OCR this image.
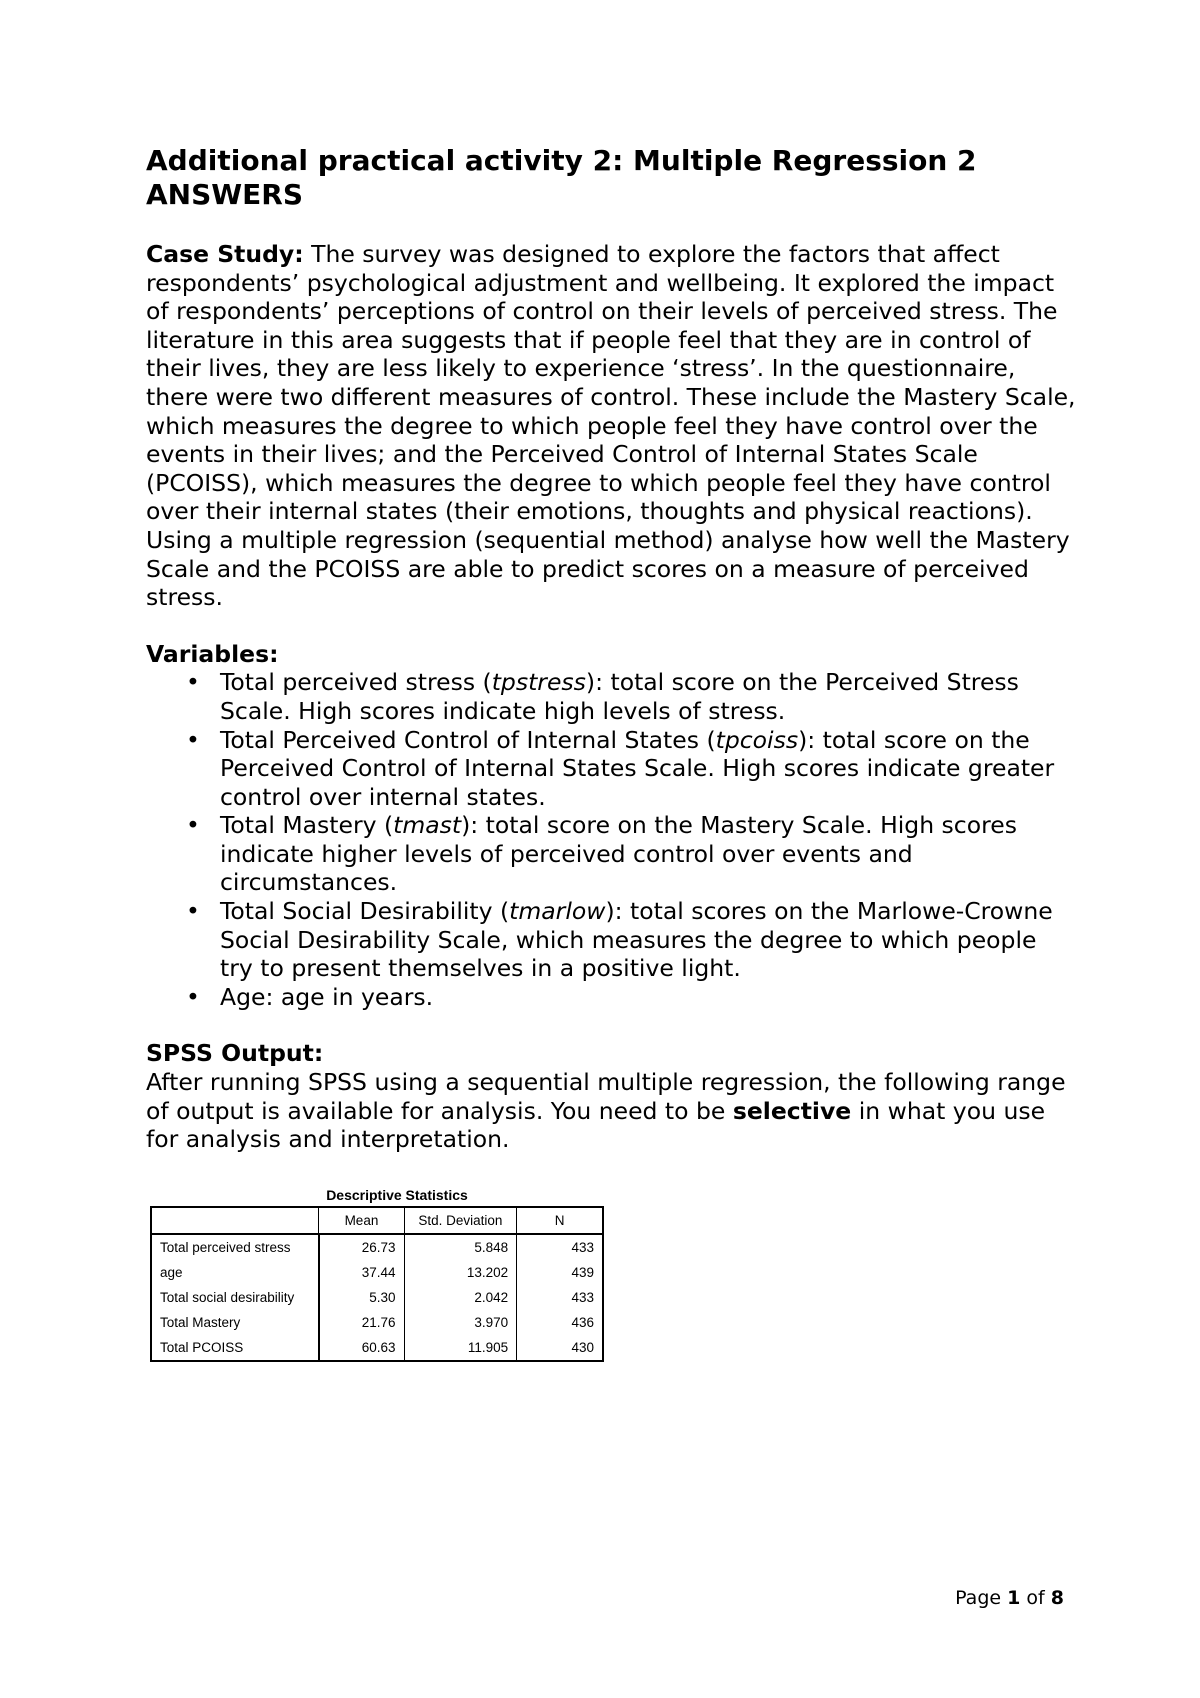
Additional practical activity 2: Multiple Regression 2
ANSWERS

Case Study: The survey was designed to explore the factors that affect respondents’ psychological adjustment and wellbeing. It explored the impact of respondents’ perceptions of control on their levels of perceived stress. The literature in this area suggests that if people feel that they are in control of their lives, they are less likely to experience ‘stress’. In the questionnaire, there were two different measures of control. These include the Mastery Scale, which measures the degree to which people feel they have control over the events in their lives; and the Perceived Control of Internal States Scale (PCOISS), which measures the degree to which people feel they have control over their internal states (their emotions, thoughts and physical reactions). Using a multiple regression (sequential method) analyse how well the Mastery Scale and the PCOISS are able to predict scores on a measure of perceived stress.

Variables:
• Total perceived stress (tpstress): total score on the Perceived Stress Scale. High scores indicate high levels of stress.
• Total Perceived Control of Internal States (tpcoiss): total score on the Perceived Control of Internal States Scale. High scores indicate greater control over internal states.
• Total Mastery (tmast): total score on the Mastery Scale. High scores indicate higher levels of perceived control over events and circumstances.
• Total Social Desirability (tmarlow): total scores on the Marlowe-Crowne Social Desirability Scale, which measures the degree to which people try to present themselves in a positive light.
• Age: age in years.
SPSS Output:

After running SPSS using a sequential multiple regression, the following range of output is available for analysis. You need to be selective in what you use for analysis and interpretation.

Descriptive Statistics
	Mean	Std. Deviation	N
Total perceived stress	26.73	5.848	433
age	37.44	13.202	439
Total social desirability	5.30	2.042	433
Total Mastery	21.76	3.970	436
Total PCOISS	60.63	11.905	430
Page 1 of 8
